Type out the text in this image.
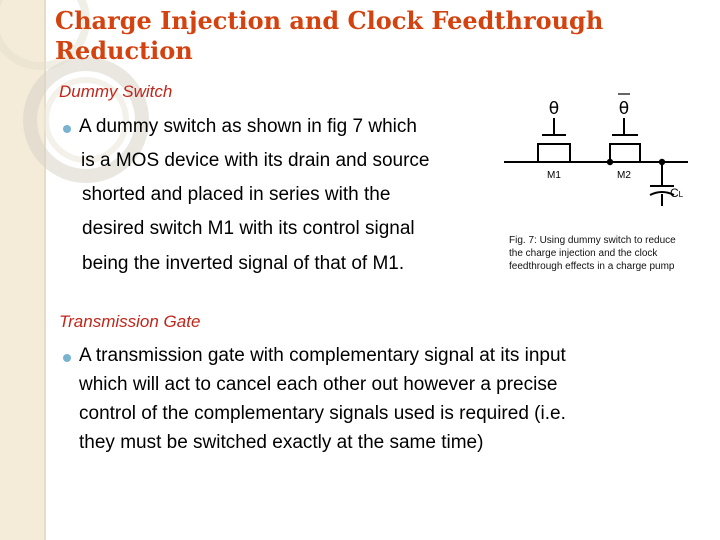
Charge Injection and Clock Feedthrough
Reduction
Dummy Switch
A dummy switch as shown in fig 7 which
is a MOS device with its drain and source
shorted and placed in series with the
desired switch M1 with its control signal
being the inverted signal of that of M1.
θ	θ
M1	M2
CL
Fig. 7: Using dummy switch to reduce
the charge injection and the clock
feedthrough effects in a charge pump
Transmission Gate
A transmission gate with complementary signal at its input
which will act to cancel each other out however a precise
control of the complementary signals used is required (i.e.
they must be switched exactly at the same time)
